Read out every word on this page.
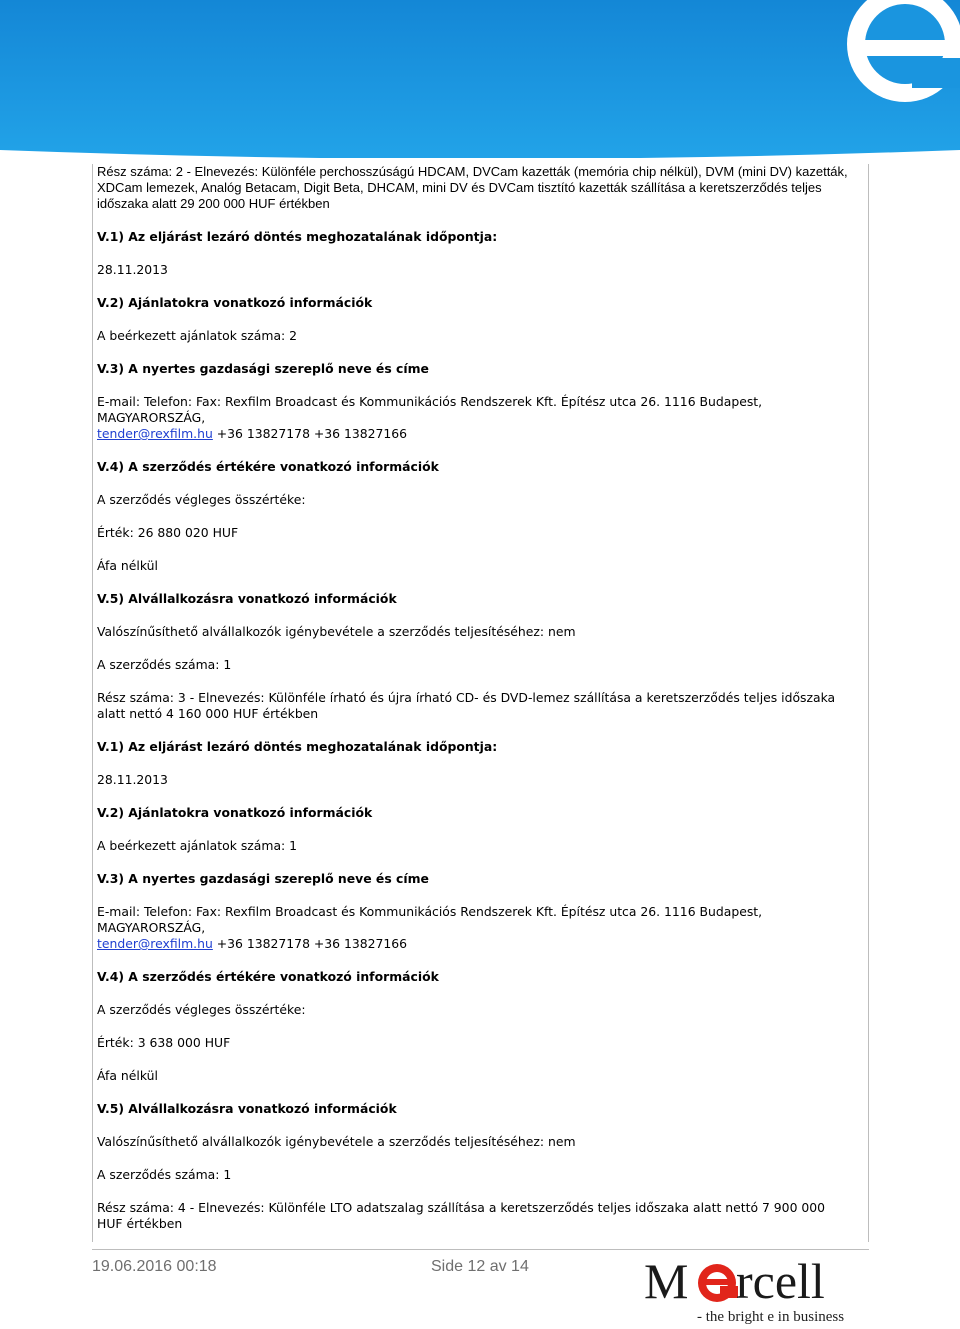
Rész száma: 2 - Elnevezés: Különféle perchosszúságú HDCAM, DVCam kazetták (memória chip nélkül), DVM (mini DV) kazetták, XDCam lemezek, Analóg Betacam, Digit Beta, DHCAM, mini DV és DVCam tisztító kazetták szállítása a keretszerződés teljes időszaka alatt 29 200 000 HUF értékben
V.1) Az eljárást lezáró döntés meghozatalának időpontja:
28.11.2013
V.2) Ajánlatokra vonatkozó információk
A beérkezett ajánlatok száma: 2
V.3) A nyertes gazdasági szereplő neve és címe
E-mail: Telefon: Fax: Rexfilm Broadcast és Kommunikációs Rendszerek Kft. Építész utca 26. 1116 Budapest, MAGYARORSZÁG,
tender@rexfilm.hu +36 13827178 +36 13827166
V.4) A szerződés értékére vonatkozó információk
A szerződés végleges összértéke:
Érték: 26 880 020 HUF
Áfa nélkül
V.5) Alvállalkozásra vonatkozó információk
Valószínűsíthető alvállalkozók igénybevétele a szerződés teljesítéséhez: nem
A szerződés száma: 1
Rész száma: 3 - Elnevezés: Különféle írható és újra írható CD- és DVD-lemez szállítása a keretszerződés teljes időszaka alatt nettó 4 160 000 HUF értékben
V.1) Az eljárást lezáró döntés meghozatalának időpontja:
28.11.2013
V.2) Ajánlatokra vonatkozó információk
A beérkezett ajánlatok száma: 1
V.3) A nyertes gazdasági szereplő neve és címe
E-mail: Telefon: Fax: Rexfilm Broadcast és Kommunikációs Rendszerek Kft. Építész utca 26. 1116 Budapest, MAGYARORSZÁG,
tender@rexfilm.hu +36 13827178 +36 13827166
V.4) A szerződés értékére vonatkozó információk
A szerződés végleges összértéke:
Érték: 3 638 000 HUF
Áfa nélkül
V.5) Alvállalkozásra vonatkozó információk
Valószínűsíthető alvállalkozók igénybevétele a szerződés teljesítéséhez: nem
A szerződés száma: 1
Rész száma: 4 - Elnevezés: Különféle LTO adatszalag szállítása a keretszerződés teljes időszaka alatt nettó 7 900 000 HUF értékben
19.06.2016 00:18	Side 12 av 14 M rcell
- the bright e in business
